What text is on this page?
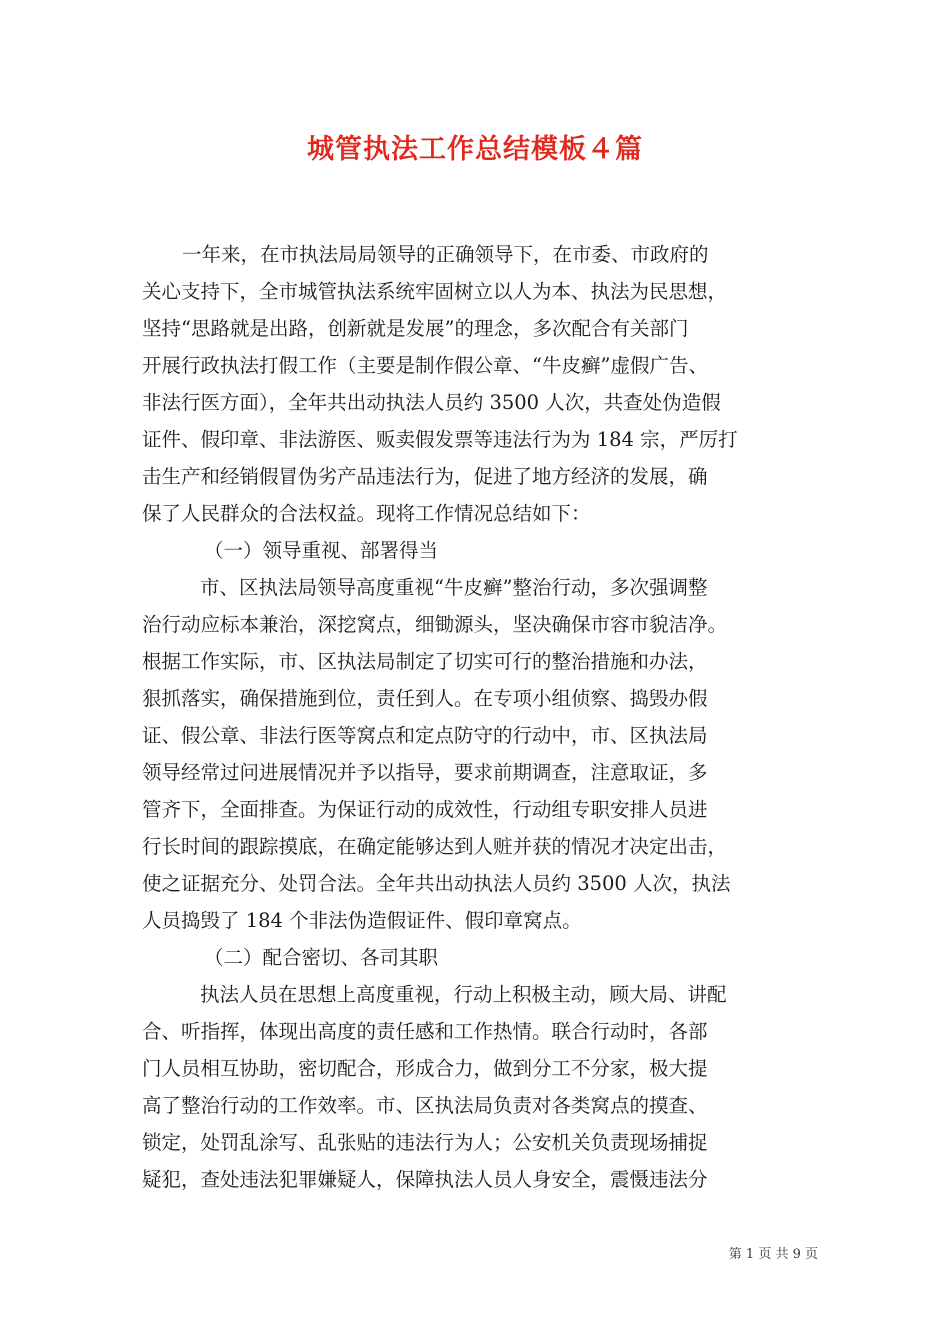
城管执法工作总结模板４篇
一年来，在市执法局局领导的正确领导下，在市委、市政府的
关心支持下，全市城管执法系统牢固树立以人为本、执法为民思想，
坚持“思路就是出路，创新就是发展”的理念，多次配合有关部门
开展行政执法打假工作（主要是制作假公章、“牛皮癣”虚假广告、
非法行医方面），全年共出动执法人员约 3500 人次，共查处伪造假
证件、假印章、非法游医、贩卖假发票等违法行为为 184 宗，严厉打
击生产和经销假冒伪劣产品违法行为，促进了地方经济的发展，确
保了人民群众的合法权益。现将工作情况总结如下：
（一）领导重视、部署得当
市、区执法局领导高度重视“牛皮癣”整治行动，多次强调整
治行动应标本兼治，深挖窝点，细锄源头，坚决确保市容市貌洁净。
根据工作实际，市、区执法局制定了切实可行的整治措施和办法，
狠抓落实，确保措施到位，责任到人。在专项小组侦察、捣毁办假
证、假公章、非法行医等窝点和定点防守的行动中，市、区执法局
领导经常过问进展情况并予以指导，要求前期调查，注意取证，多
管齐下，全面排查。为保证行动的成效性，行动组专职安排人员进
行长时间的跟踪摸底，在确定能够达到人赃并获的情况才决定出击，
使之证据充分、处罚合法。全年共出动执法人员约 3500 人次，执法
人员捣毁了 184 个非法伪造假证件、假印章窝点。
（二）配合密切、各司其职
执法人员在思想上高度重视，行动上积极主动，顾大局、讲配
合、听指挥，体现出高度的责任感和工作热情。联合行动时，各部
门人员相互协助，密切配合，形成合力，做到分工不分家，极大提
高了整治行动的工作效率。市、区执法局负责对各类窝点的摸查、
锁定，处罚乱涂写、乱张贴的违法行为人；公安机关负责现场捕捉
疑犯，查处违法犯罪嫌疑人，保障执法人员人身安全，震慑违法分
第 1 页 共 9 页
